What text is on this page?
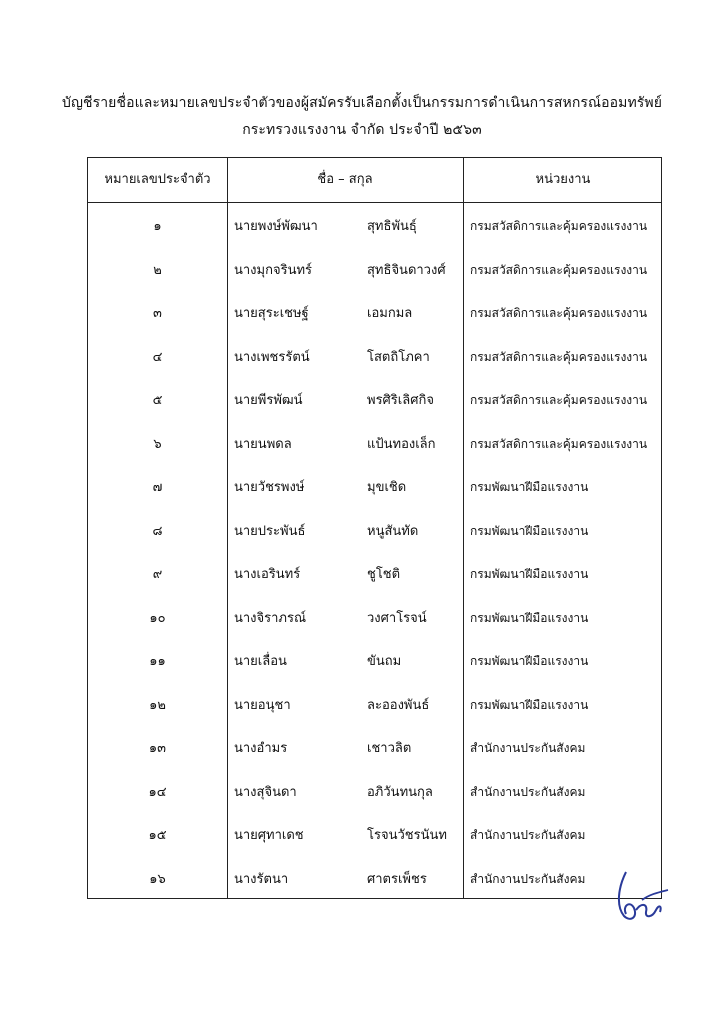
บัญชีรายชื่อและหมายเลขประจำตัวของผู้สมัครรับเลือกตั้งเป็นกรรมการดำเนินการสหกรณ์ออมทรัพย์
กระทรวงแรงงาน จำกัด ประจำปี ๒๕๖๓
หมายเลขประจำตัว	ชื่อ – สกุล	หน่วยงาน
๑	นายพงษ์พัฒนา	สุทธิพันธุ์	กรมสวัสดิการและคุ้มครองแรงงาน
๒	นางมุกจรินทร์	สุทธิจินดาวงศ์	กรมสวัสดิการและคุ้มครองแรงงาน
๓	นายสุระเชษฐ์	เอมกมล	กรมสวัสดิการและคุ้มครองแรงงาน
๔	นางเพชรรัตน์	โสตถิโภคา	กรมสวัสดิการและคุ้มครองแรงงาน
๕	นายพีรพัฒน์	พรศิริเลิศกิจ	กรมสวัสดิการและคุ้มครองแรงงาน
๖	นายนพดล	แป้นทองเล็ก	กรมสวัสดิการและคุ้มครองแรงงาน
๗	นายวัชรพงษ์	มุขเชิด	กรมพัฒนาฝีมือแรงงาน
๘	นายประพันธ์	หนูสันทัด	กรมพัฒนาฝีมือแรงงาน
๙	นางเอรินทร์	ชูโชติ	กรมพัฒนาฝีมือแรงงาน
๑๐	นางจิราภรณ์	วงศาโรจน์	กรมพัฒนาฝีมือแรงงาน
๑๑	นายเลื่อน	ขันถม	กรมพัฒนาฝีมือแรงงาน
๑๒	นายอนุชา	ละอองพันธ์	กรมพัฒนาฝีมือแรงงาน
๑๓	นางอำมร	เชาวลิต	สำนักงานประกันสังคม
๑๔	นางสุจินดา	อภิวันทนกุล	สำนักงานประกันสังคม
๑๕	นายศุทาเดช	โรจนวัชรนันท	สำนักงานประกันสังคม
๑๖	นางรัตนา	ศาตรเพ็ชร	สำนักงานประกันสังคม
